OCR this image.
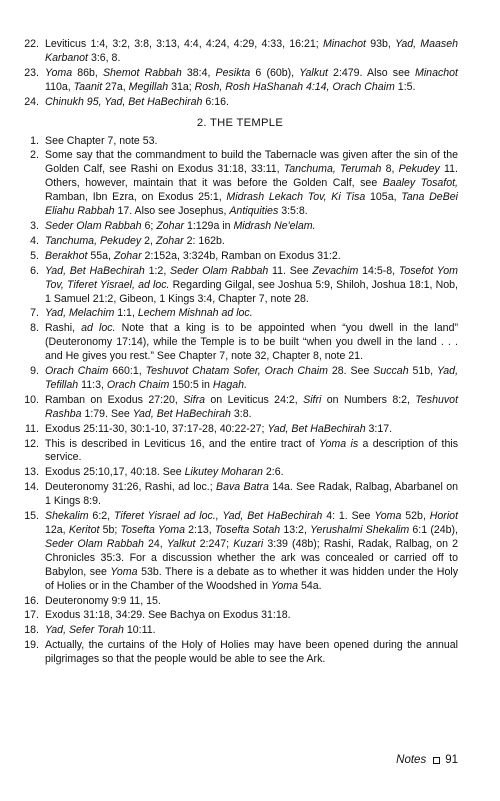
22. Leviticus 1:4, 3:2, 3:8, 3:13, 4:4, 4:24, 4:29, 4:33, 16:21; Minachot 93b, Yad, Maaseh Karbanot 3:6, 8.
23. Yoma 86b, Shemot Rabbah 38:4, Pesikta 6 (60b), Yalkut 2:479. Also see Minachot 110a, Taanit 27a, Megillah 31a; Rosh, Rosh HaShanah 4:14, Orach Chaim 1:5.
24. Chinukh 95, Yad, Bet HaBechirah 6:16.
2. THE TEMPLE
1. See Chapter 7, note 53.
2. Some say that the commandment to build the Tabernacle was given after the sin of the Golden Calf, see Rashi on Exodus 31:18, 33:11, Tanchuma, Terumah 8, Pekudey 11. Others, however, maintain that it was before the Golden Calf, see Baaley Tosafot, Ramban, Ibn Ezra, on Exodus 25:1, Midrash Lekach Tov, Ki Tisa 105a, Tana DeBei Eliahu Rabbah 17. Also see Josephus, Antiquities 3:5:8.
3. Seder Olam Rabbah 6; Zohar 1:129a in Midrash Ne'elam.
4. Tanchuma, Pekudey 2, Zohar 2: 162b.
5. Berakhot 55a, Zohar 2:152a, 3:324b, Ramban on Exodus 31:2.
6. Yad, Bet HaBechirah 1:2, Seder Olam Rabbah 11. See Zevachim 14:5-8, Tosefot Yom Tov, Tiferet Yisrael, ad loc. Regarding Gilgal, see Joshua 5:9, Shiloh, Joshua 18:1, Nob, 1 Samuel 21:2, Gibeon, 1 Kings 3:4, Chapter 7, note 28.
7. Yad, Melachim 1:1, Lechem Mishnah ad loc.
8. Rashi, ad loc. Note that a king is to be appointed when “you dwell in the land” (Deuteronomy 17:14), while the Temple is to be built “when you dwell in the land . . . and He gives you rest.” See Chapter 7, note 32, Chapter 8, note 21.
9. Orach Chaim 660:1, Teshuvot Chatam Sofer, Orach Chaim 28. See Succah 51b, Yad, Tefillah 11:3, Orach Chaim 150:5 in Hagah.
10. Ramban on Exodus 27:20, Sifra on Leviticus 24:2, Sifri on Numbers 8:2, Teshuvot Rashba 1:79. See Yad, Bet HaBechirah 3:8.
11. Exodus 25:11-30, 30:1-10, 37:17-28, 40:22-27; Yad, Bet HaBechirah 3:17.
12. This is described in Leviticus 16, and the entire tract of Yoma is a description of this service.
13. Exodus 25:10,17, 40:18. See Likutey Moharan 2:6.
14. Deuteronomy 31:26, Rashi, ad loc.; Bava Batra 14a. See Radak, Ralbag, Abarbanel on 1 Kings 8:9.
15. Shekalim 6:2, Tiferet Yisrael ad loc., Yad, Bet HaBechirah 4: 1. See Yoma 52b, Horiot 12a, Keritot 5b; Tosefta Yoma 2:13, Tosefta Sotah 13:2, Yerushalmi Shekalim 6:1 (24b), Seder Olam Rabbah 24, Yalkut 2:247; Kuzari 3:39 (48b); Rashi, Radak, Ralbag, on 2 Chronicles 35:3. For a discussion whether the ark was concealed or carried off to Babylon, see Yoma 53b. There is a debate as to whether it was hidden under the Holy of Holies or in the Chamber of the Woodshed in Yoma 54a.
16. Deuteronomy 9:9 11, 15.
17. Exodus 31:18, 34:29. See Bachya on Exodus 31:18.
18. Yad, Sefer Torah 10:11.
19. Actually, the curtains of the Holy of Holies may have been opened during the annual pilgrimages so that the people would be able to see the Ark.
Notes 91
